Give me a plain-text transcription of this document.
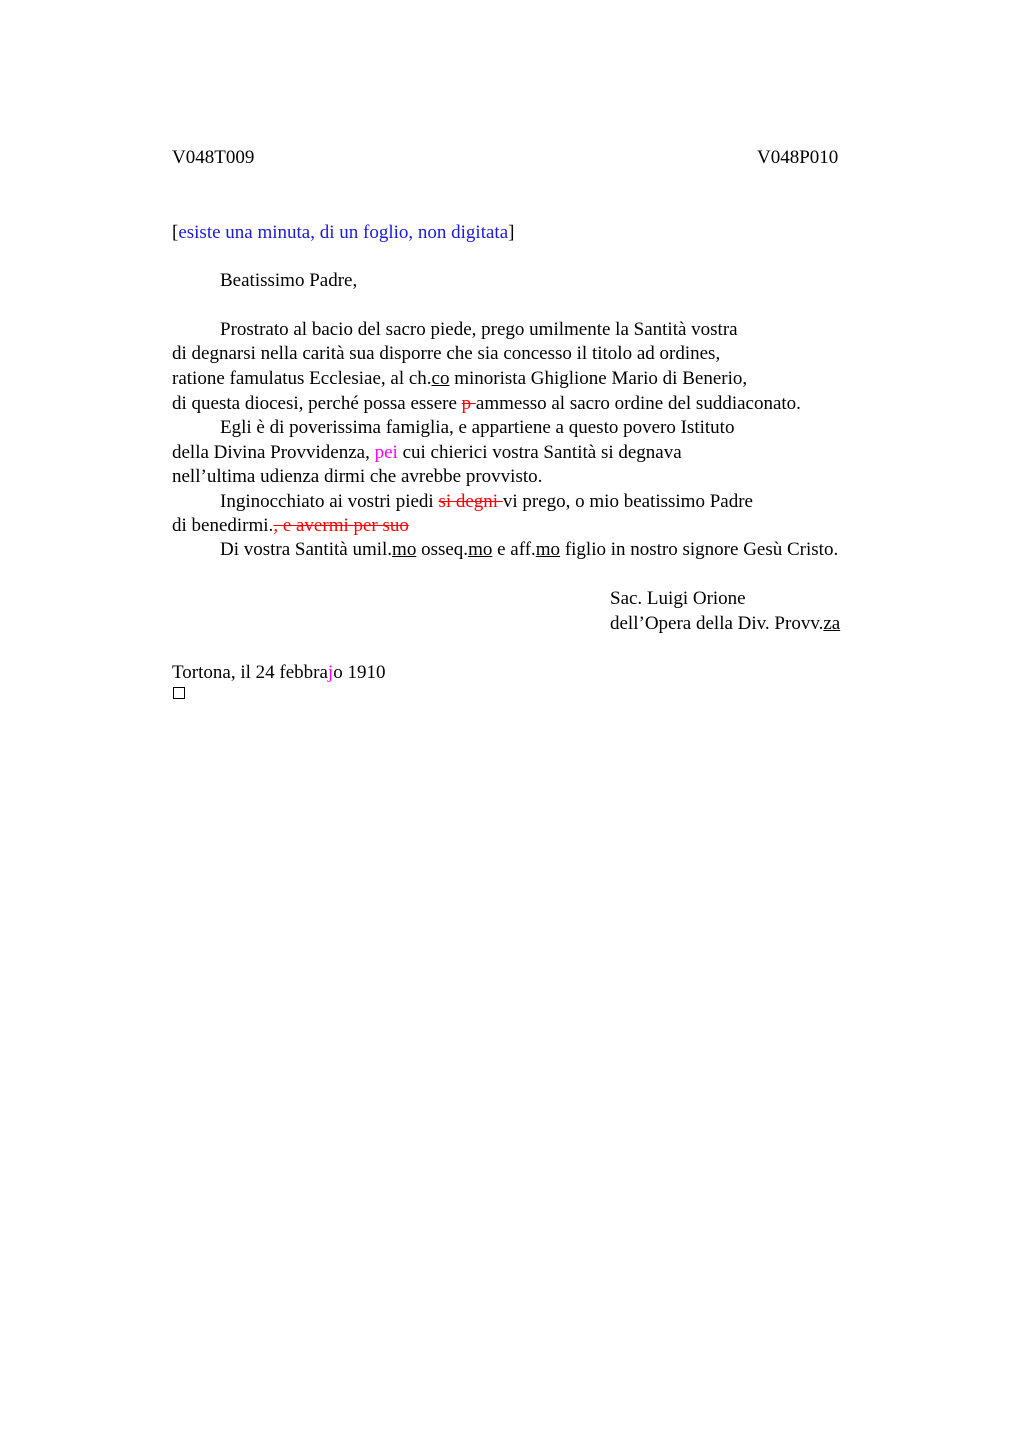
V048T009	V048P010
[esiste una minuta, di un foglio, non digitata]
Beatissimo Padre,
Prostrato al bacio del sacro piede, prego umilmente la Santità vostra
di degnarsi nella carità sua disporre che sia concesso il titolo ad ordines,
ratione famulatus Ecclesiae, al ch.co minorista Ghiglione Mario di Benerio,
di questa diocesi, perché possa essere p ammesso al sacro ordine del suddiaconato.
Egli è di poverissima famiglia, e appartiene a questo povero Istituto
della Divina Provvidenza, pei cui chierici vostra Santità si degnava
nell’ultima udienza dirmi che avrebbe provvisto.
Inginocchiato ai vostri piedi si degni vi prego, o mio beatissimo Padre
di benedirmi., e avermi per suo
Di vostra Santità umil.mo osseq.mo e aff.mo figlio in nostro signore Gesù Cristo.
Sac. Luigi Orione
dell’Opera della Div. Provv.za
Tortona, il 24 febbrajo 1910
